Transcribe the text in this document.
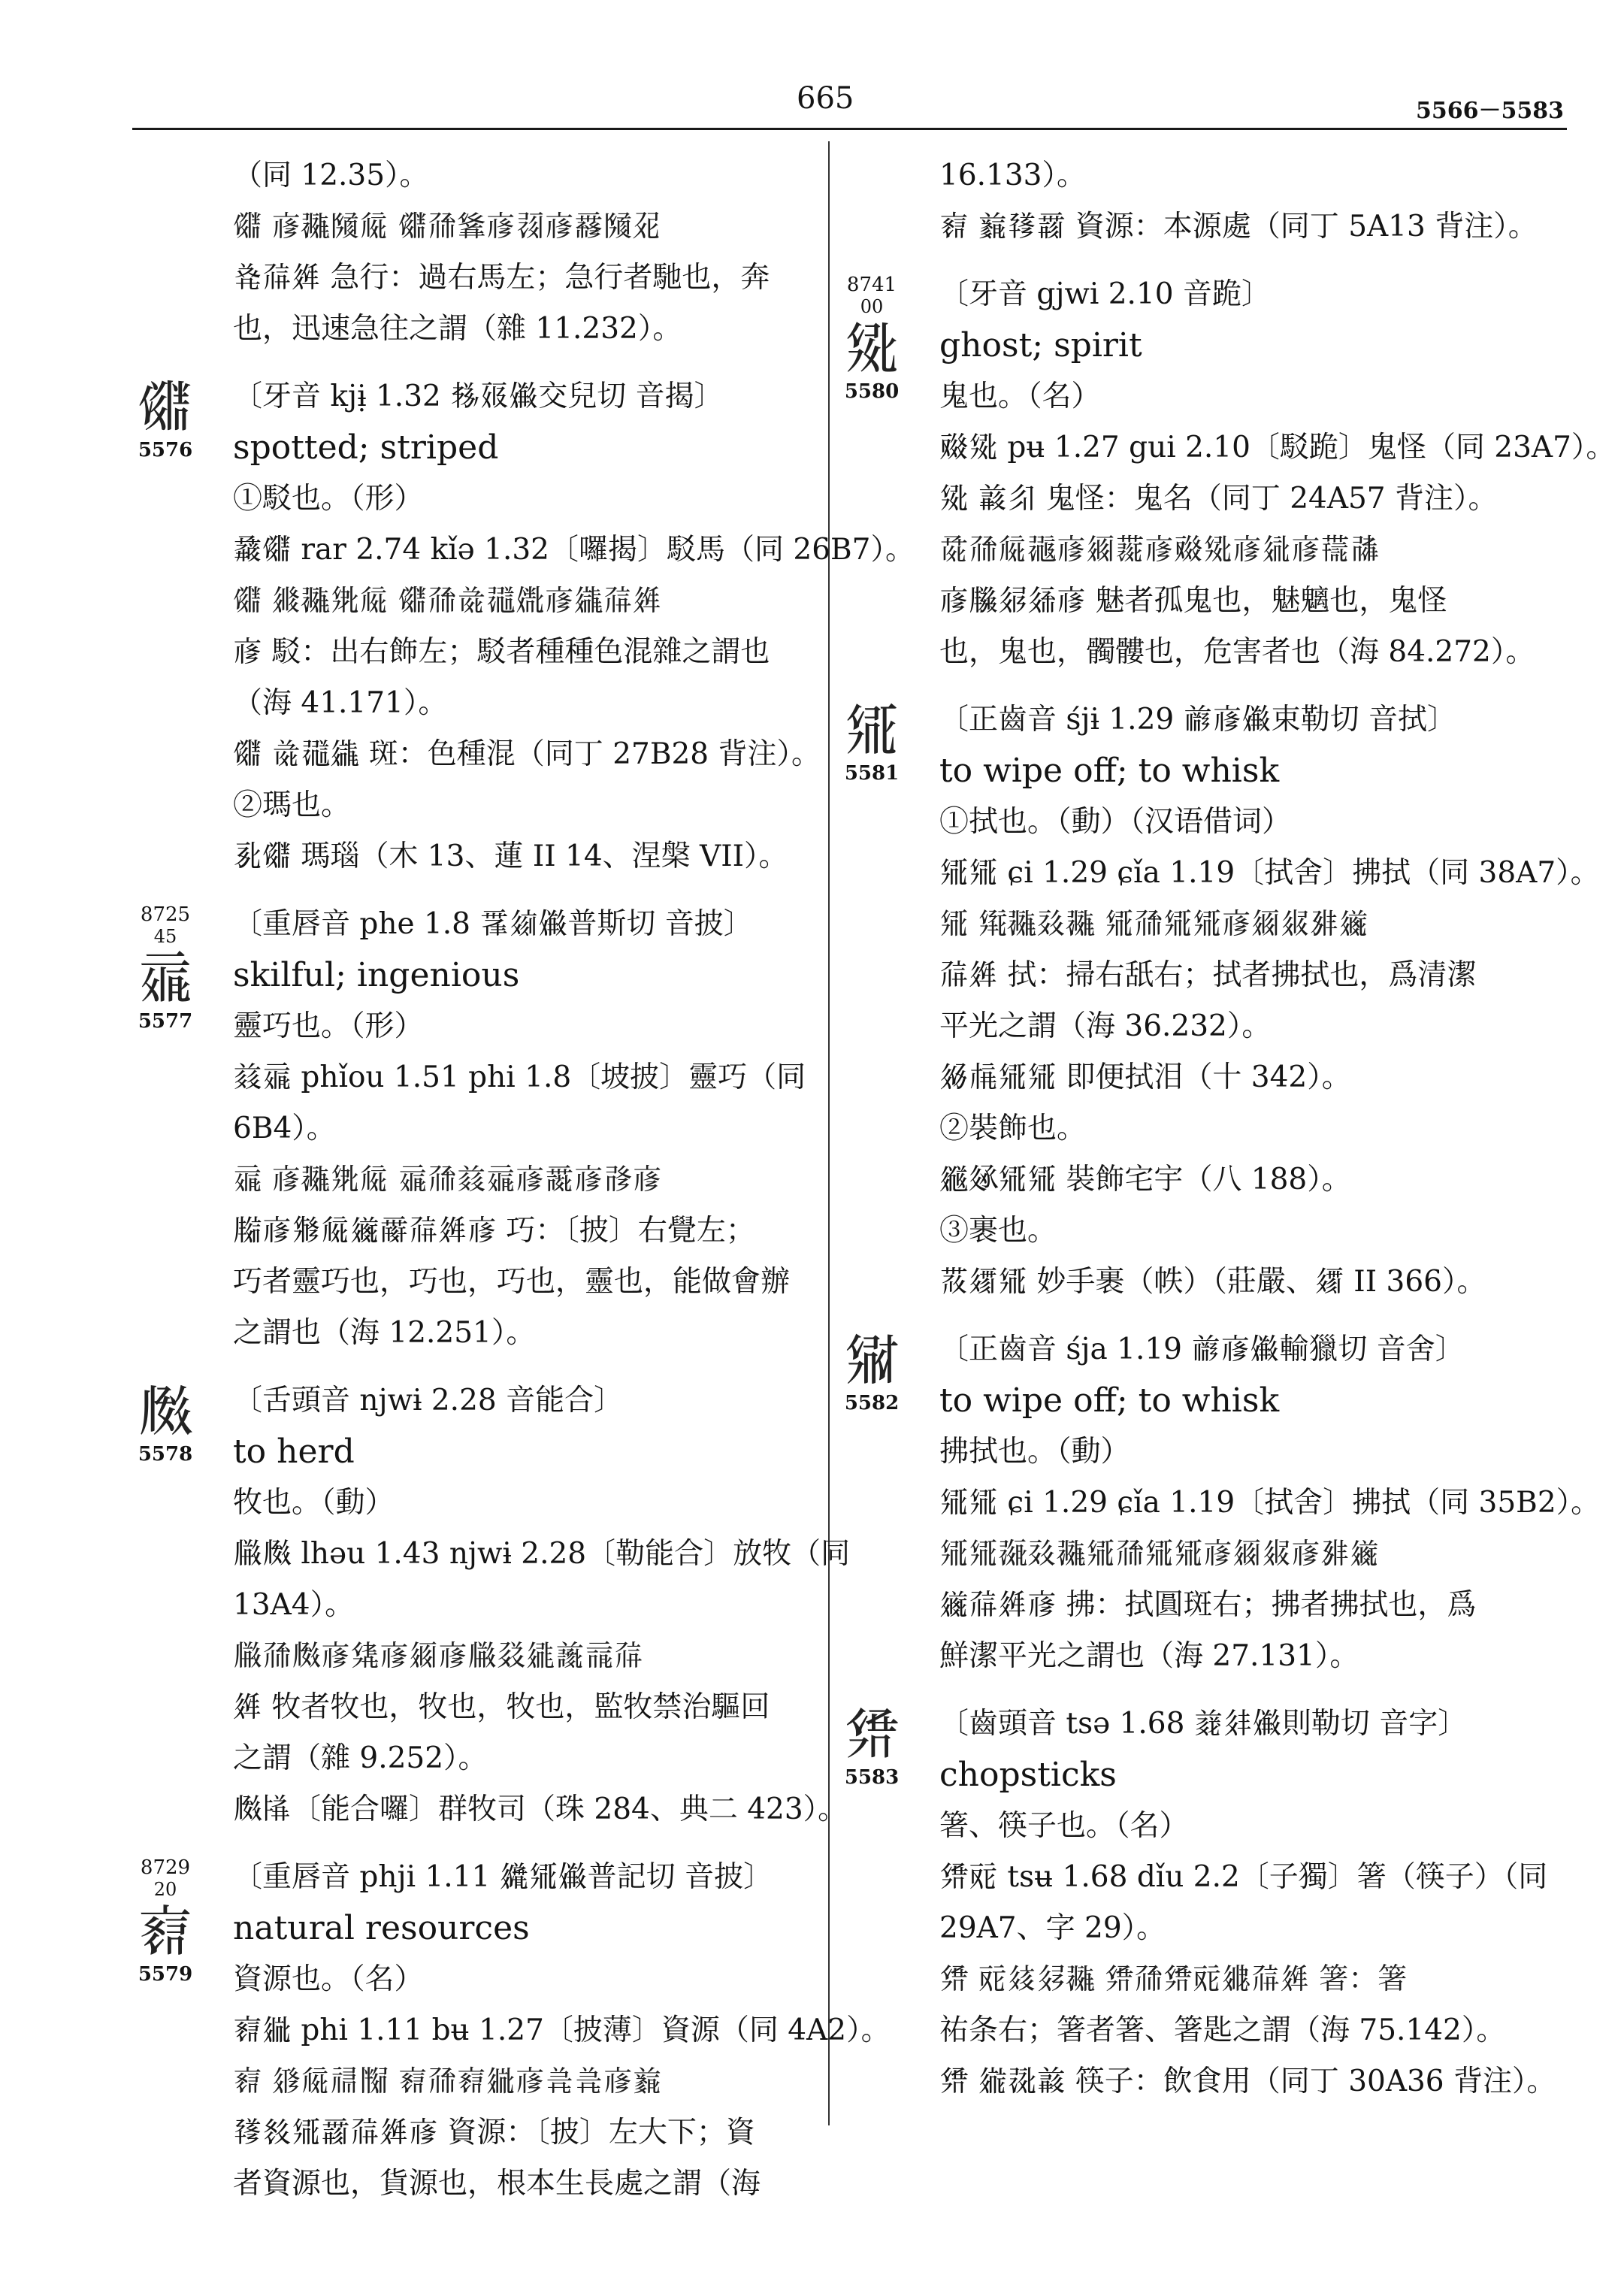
665	5566－5583

（同 12.35）。

𗃽 𗇋𗖵𗂧𗏁 𗃽𗗙𗴪𗇋𗖌𗇋𗵒𗂧𗗯

𘑗𗗚𗤶 急行：過右馬左；急行者馳也，奔

也，迅速急往之謂（雜 11.232）。

𗃽
5576

〔牙音 kjɨ̣ 1.32 𗈪𗡞𗏹交兒切 音揭〕

spotted; striped

①駁也。（形）

𗲫𗃽 rar 2.74 kǐə 1.32〔囉揭〕駁馬（同 26B7）。

𗃽 𗦫𗖵𗊢𗏁 𗃽𗗙𗯨𗖺𗬟𗇋𗪘𗗚𗤶

𗇋 駁：出右飾左；駁者種種色混雜之謂也

（海 41.171）。

𗃽 𗯨𗖺𗪘 斑：色種混（同丁 27B28 背注）。

②瑪也。

𗎘𗃽 瑪瑙（木 13、蓮 II 14、涅槃 VII）。

8725
45
𗄏
5577

〔重唇音 phe 1.8 𗴳𗦻𗏹普斯切 音披〕

skilful; ingenious

靈巧也。（形）

𗑠𗄏 phǐou 1.51 phi 1.8〔坡披〕靈巧（同

6B4）。

𗄏 𗇋𗖵𗊢𗏁 𗄏𗗙𗑠𗄏𗇋𗵘𗇋𗰔𗇋

𗹨𗇋𗊬𗏁𗫂𗵣𗗚𗤶𗇋 巧：〔披〕右覺左；

巧者靈巧也，巧也，巧也，靈也，能做會辦

之謂也（海 12.251）。

𗆃
5578

〔舌頭音 njwɨ 2.28 音能合〕

to herd

牧也。（動）

𗆐𗆃 lhəu 1.43 njwɨ 2.28〔勒能合〕放牧（同

13A4）。

𗆐𗗙𗆃𗇋𗊻𗇋𗥃𗇋𗆐𗳦𗧓𗔫𗄈𗗚

𗤶 牧者牧也，牧也，牧也，監牧禁治驅回

之謂（雜 9.252）。

𗆃𗎩〔能合囉〕群牧司（珠 284、典二 423）。

8729
20
𗇑
5579

〔重唇音 phji 1.11 𗫨𗊸𗏹普記切 音披〕

natural resources

資源也。（名）

𗇑𗥔 phi 1.11 bʉ 1.27〔披薄〕資源（同 4A2）。

𗇑 𗤁𗏁𗙐𗂰 𗇑𗗙𗇑𗥔𗇋𗯦𗯦𗇋𗔪

𗘓𗬥𗊸𗵆𗗚𗤶𗇋 資源：〔披〕左大下；資

者資源也，貨源也，根本生長處之謂（海

16.133）。

𗇑 𗔪𗘓𗵆 資源：本源處（同丁 5A13 背注）。

8741
00
𗊹
5580

〔牙音 gjwi 2.10 音跪〕

ghost; spirit

鬼也。（名）

𗡁𗊹 pʉ 1.27 gui 2.10〔駁跪〕鬼怪（同 23A7）。

𗊹 𗓁𗼃 鬼怪：鬼名（同丁 24A57 背注）。

𗱕𗗙𗏁𗖹𗇋𗥃𗝆𗇋𗡁𗊹𗇋𗣼𗇋𗝏𗰜

𗇋𗹪𗣃𗤈𗇋 魅者孤鬼也，魅魑也，鬼怪

也，鬼也，髑髏也，危害者也（海 84.272）。

𗊸
5581

〔正齒音 śjɨ 1.29 𗑗𗇋𗏹束勒切 音拭〕

to wipe off; to whisk

①拭也。（動）（汉语借词）

𗊸𗊸 ɕi 1.29 ɕǐa 1.19〔拭舍〕拂拭（同 38A7）。

𗊸 𗋕𗖵𗡮𗖵 𗊸𗗙𗊸𗊸𗇋𗥃𗤒𗉐𗫂

𗗚𗤶 拭：掃右舐右；拭者拂拭也，爲清潔

平光之謂（海 36.232）。

𗢲𗍫𗊸𗊸 即便拭泪（十 342）。

②裝飾也。

𗪦𗫻𗊸𗊸 裝飾宅宇（八 188）。

③裹也。

𗚛𗨻𗊸 妙手裹（帙）（莊嚴、𗨻 II 366）。

𗊷
5582

〔正齒音 śja 1.19 𗑗𗇋𗏹輸獵切 音舍〕

to wipe off; to whisk

拂拭也。（動）

𗊸𗊸 ɕi 1.29 ɕǐa 1.19〔拭舍〕拂拭（同 35B2）。

𗊸𗊸𗖶𗡮𗖵𗊸𗗙𗊸𗊸𗇋𗥃𗤒𗇋𗉐𗫂

𗫂𗗚𗤶𗇋 拂：拭圓斑右；拂者拂拭也，爲

鮮潔平光之謂也（海 27.131）。

𗊺
5583

〔齒頭音 tsə 1.68 𗓉𗢳𗏹則勒切 音字〕

chopsticks

箸、筷子也。（名）

𗊺𗠇 tsʉ 1.68 dǐu 2.2〔子獨〕箸（筷子）（同

29A7、字 29）。

𗊺 𗠇𗤞𗢮𗖵 𗊺𗗙𗊺𗠇𗥓𗗚𗤶 箸：箸

祐条右；箸者箸、箸匙之謂（海 75.142）。

𗊺 𗨁𗖍𗓁 筷子：飲食用（同丁 30A36 背注）。
